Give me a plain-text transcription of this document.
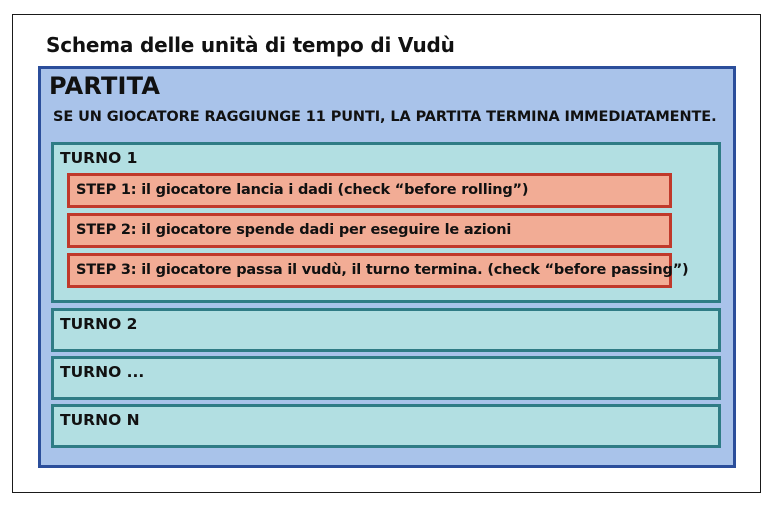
Schema delle unità di tempo di Vudù
PARTITA
SE UN GIOCATORE RAGGIUNGE 11 PUNTI, LA PARTITA TERMINA IMMEDIATAMENTE.
TURNO 1
STEP 1: il giocatore lancia i dadi (check “before rolling”)
STEP 2: il giocatore spende dadi per eseguire le azioni
STEP 3: il giocatore passa il vudù, il turno termina. (check “before passing”)
TURNO 2
TURNO ...
TURNO N
